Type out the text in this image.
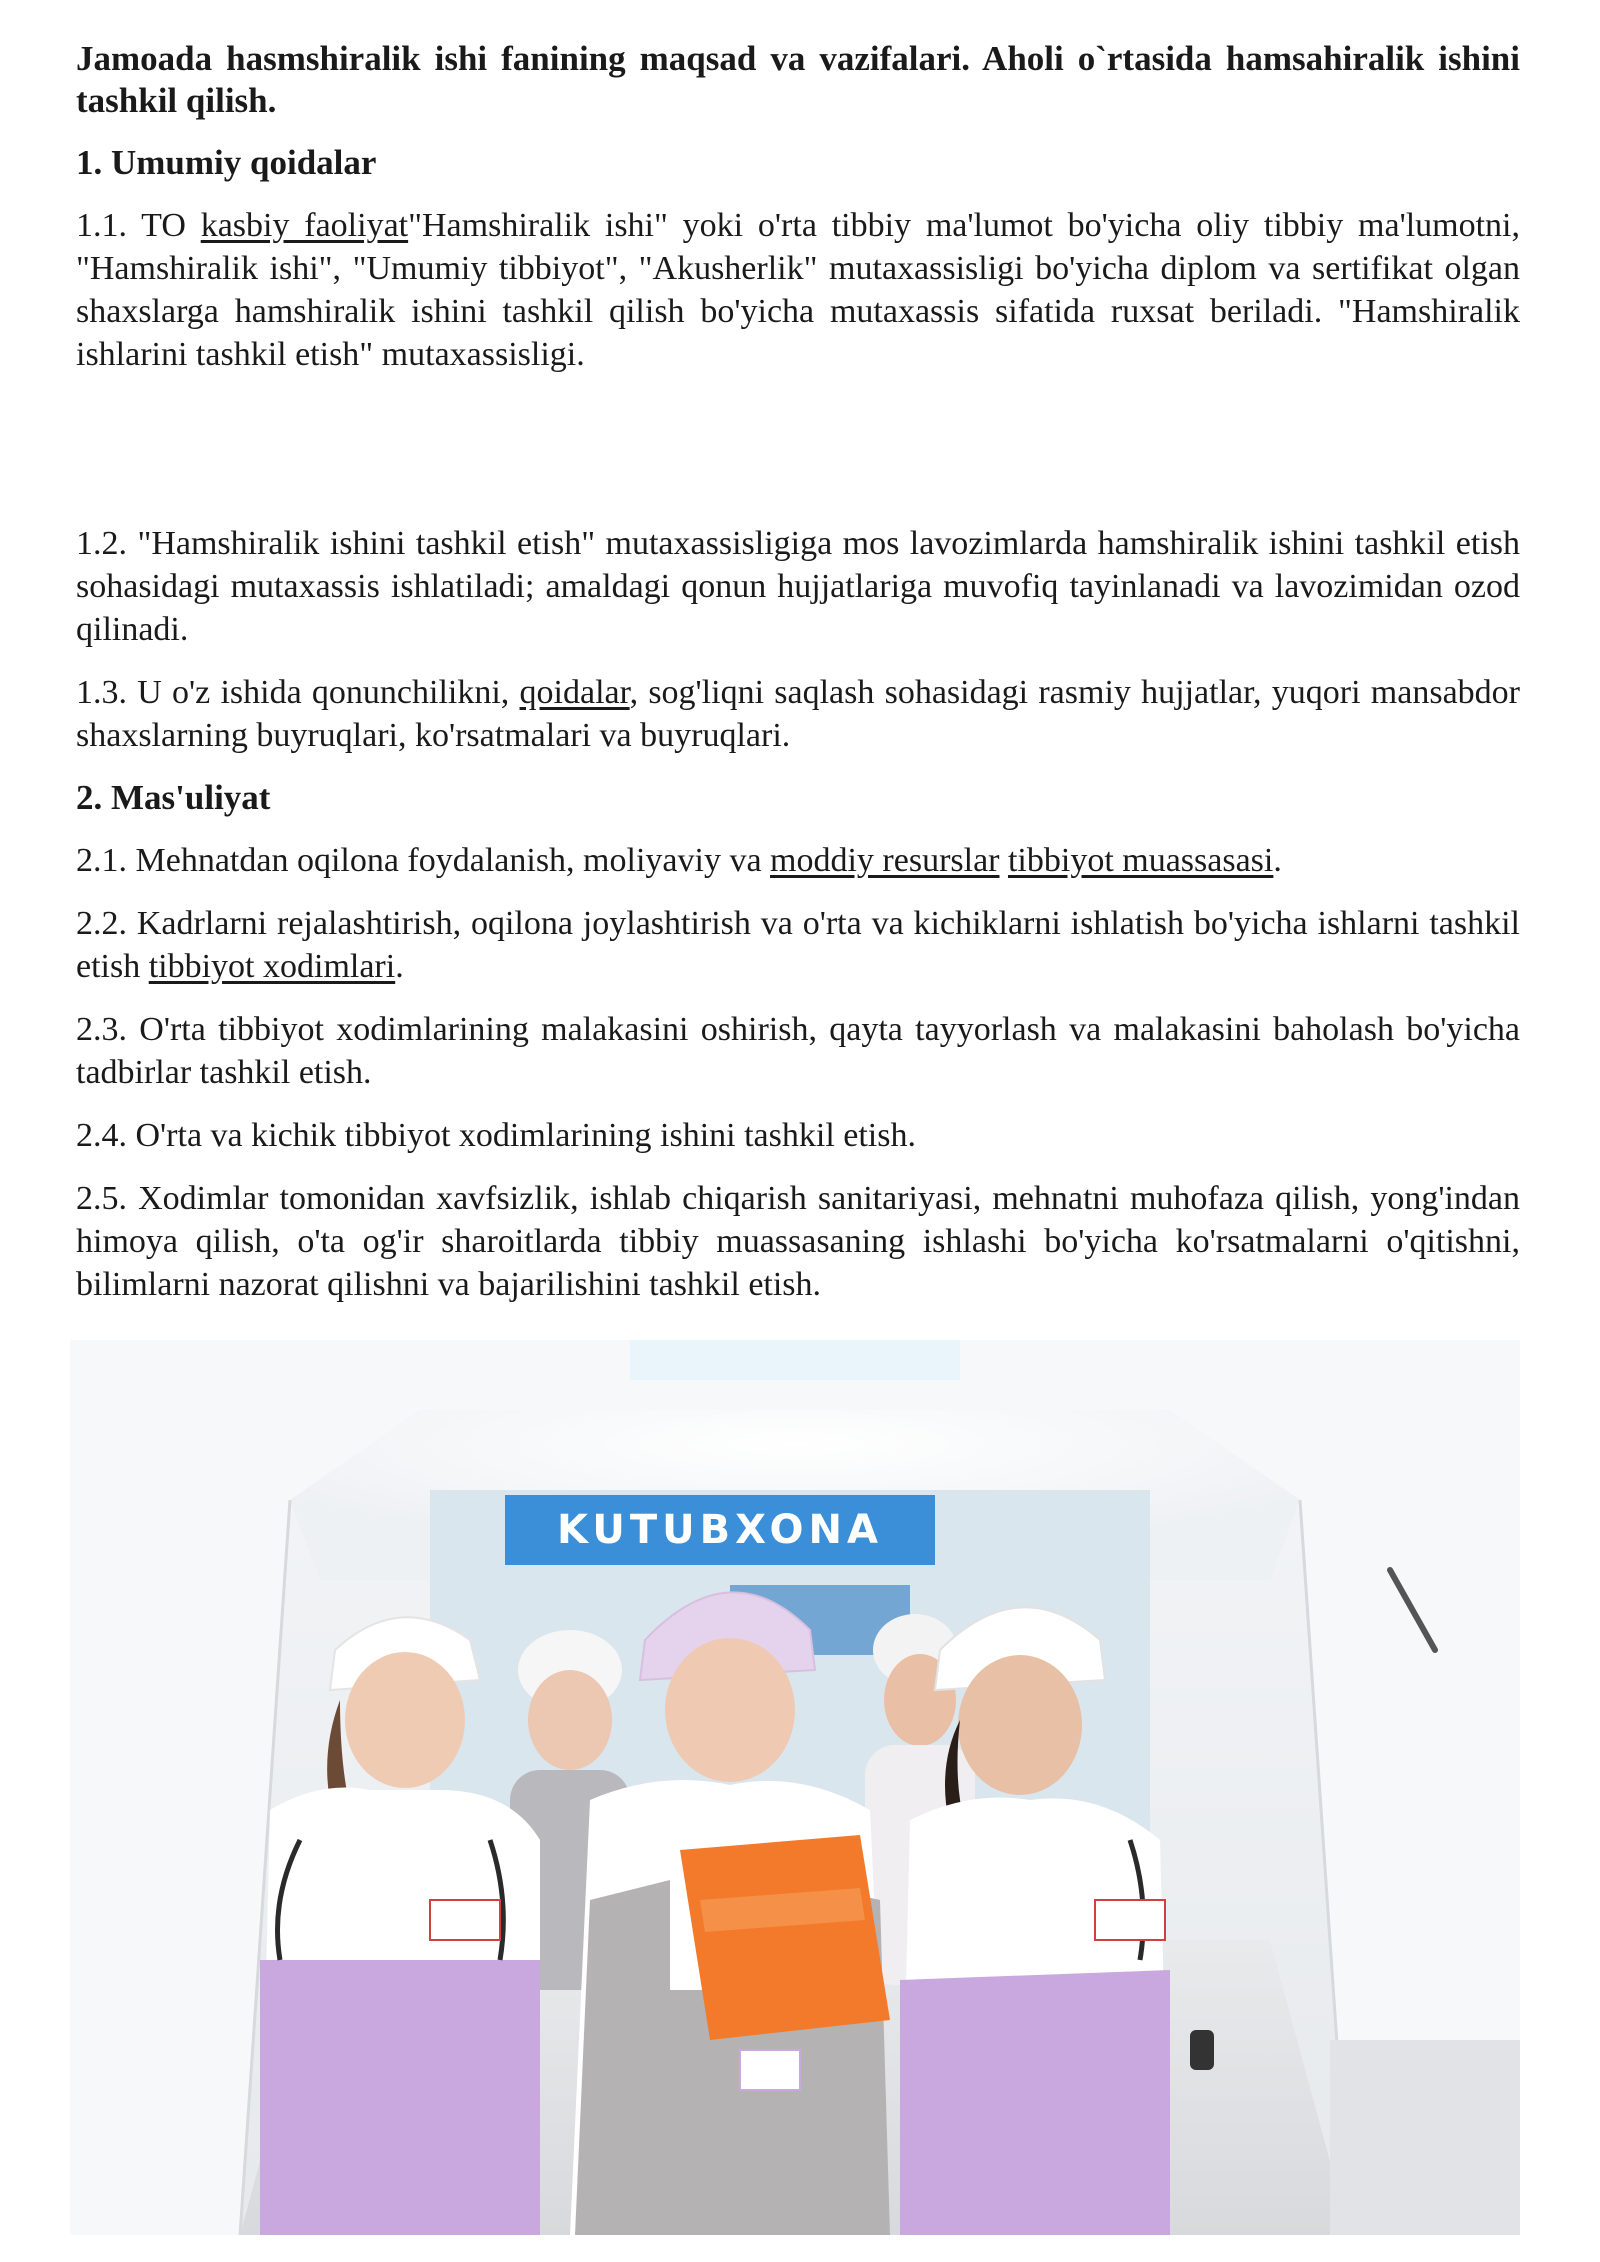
Jamoada hasmshiralik ishi fanining maqsad va vazifalari. Aholi o`rtasida hamsahiralik ishini tashkil qilish.

1. Umumiy qoidalar

1.1. TO kasbiy faoliyat"Hamshiralik ishi" yoki o'rta tibbiy ma'lumot bo'yicha oliy tibbiy ma'lumotni, "Hamshiralik ishi", "Umumiy tibbiyot", "Akusherlik" mutaxassisligi bo'yicha diplom va sertifikat olgan shaxslarga hamshiralik ishini tashkil qilish bo'yicha mutaxassis sifatida ruxsat beriladi. "Hamshiralik ishlarini tashkil etish" mutaxassisligi.

1.2. "Hamshiralik ishini tashkil etish" mutaxassisligiga mos lavozimlarda hamshiralik ishini tashkil etish sohasidagi mutaxassis ishlatiladi; amaldagi qonun hujjatlariga muvofiq tayinlanadi va lavozimidan ozod qilinadi.

1.3. U o'z ishida qonunchilikni, qoidalar, sog'liqni saqlash sohasidagi rasmiy hujjatlar, yuqori mansabdor shaxslarning buyruqlari, ko'rsatmalari va buyruqlari.

2. Mas'uliyat

2.1. Mehnatdan oqilona foydalanish, moliyaviy va moddiy resurslar tibbiyot muassasasi.

2.2. Kadrlarni rejalashtirish, oqilona joylashtirish va o'rta va kichiklarni ishlatish bo'yicha ishlarni tashkil etish tibbiyot xodimlari.

2.3. O'rta tibbiyot xodimlarining malakasini oshirish, qayta tayyorlash va malakasini baholash bo'yicha tadbirlar tashkil etish.

2.4. O'rta va kichik tibbiyot xodimlarining ishini tashkil etish.

2.5. Xodimlar tomonidan xavfsizlik, ishlab chiqarish sanitariyasi, mehnatni muhofaza qilish, yong'indan himoya qilish, o'ta og'ir sharoitlarda tibbiy muassasaning ishlashi bo'yicha ko'rsatmalarni o'qitishni, bilimlarni nazorat qilishni va bajarilishini tashkil etish.

KUTUBXONA
